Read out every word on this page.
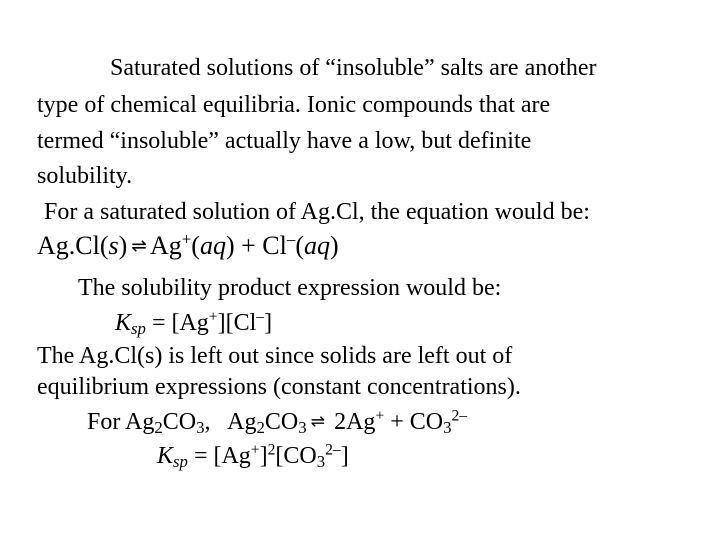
Saturated solutions of “insoluble” salts are another
type of chemical equilibria. Ionic compounds that are
termed “insoluble” actually have a low, but definite
solubility.
For a saturated solution of Ag.Cl, the equation would be:
Ag.Cl(s) ⇌ Ag+(aq) + Cl–(aq)
The solubility product expression would be:
$K_{sp} = [Ag^+][Cl^-]$
The Ag.Cl(s) is left out since solids are left out of
equilibrium expressions (constant concentrations).
For $Ag_2CO_3$,   $Ag_2CO_3$ ⇌ $2Ag^+ + CO_3^{2-}$
$K_{sp} = [Ag^+]^2[CO_3^{2-}]$
